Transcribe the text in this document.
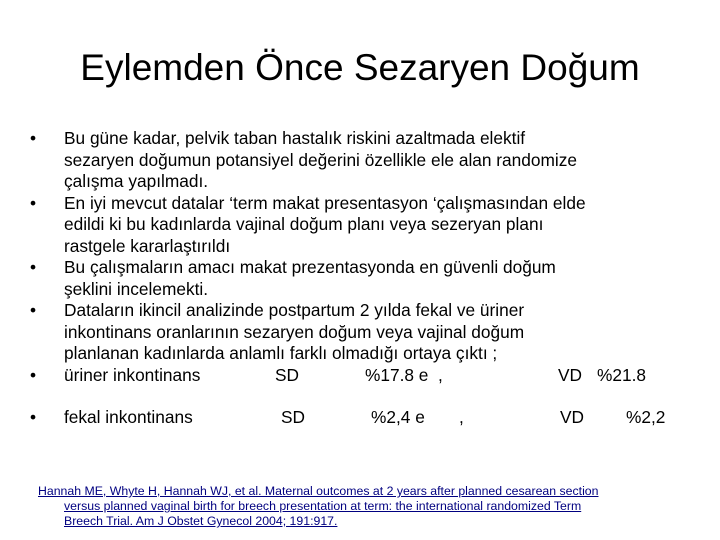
Eylemden Önce Sezaryen Doğum
•	Bu güne kadar, pelvik taban hastalık riskini azaltmada elektif
sezaryen doğumun potansiyel değerini özellikle ele alan randomize
çalışma yapılmadı.
•	En iyi mevcut datalar ‘term makat presentasyon ‘çalışmasından elde
edildi ki bu kadınlarda vajinal doğum planı veya sezeryan planı
rastgele kararlaştırıldı
•	Bu çalışmaların amacı makat prezentasyonda en güvenli doğum
şeklini incelemekti.
•	Dataların ikincil analizinde postpartum 2 yılda fekal ve üriner
inkontinans oranlarının sezaryen doğum veya vajinal doğum
planlanan kadınlarda anlamlı farklı olmadığı ortaya çıktı ;
•	üriner inkontinans	SD	%17.8 e  ,	VD %21.8
•	fekal inkontinans	SD	%2,4 e ,	VD %2,2
Hannah ME, Whyte H, Hannah WJ, et al. Maternal outcomes at 2 years after planned cesarean section
versus planned vaginal birth for breech presentation at term: the international randomized Term
Breech Trial. Am J Obstet Gynecol 2004; 191:917.
